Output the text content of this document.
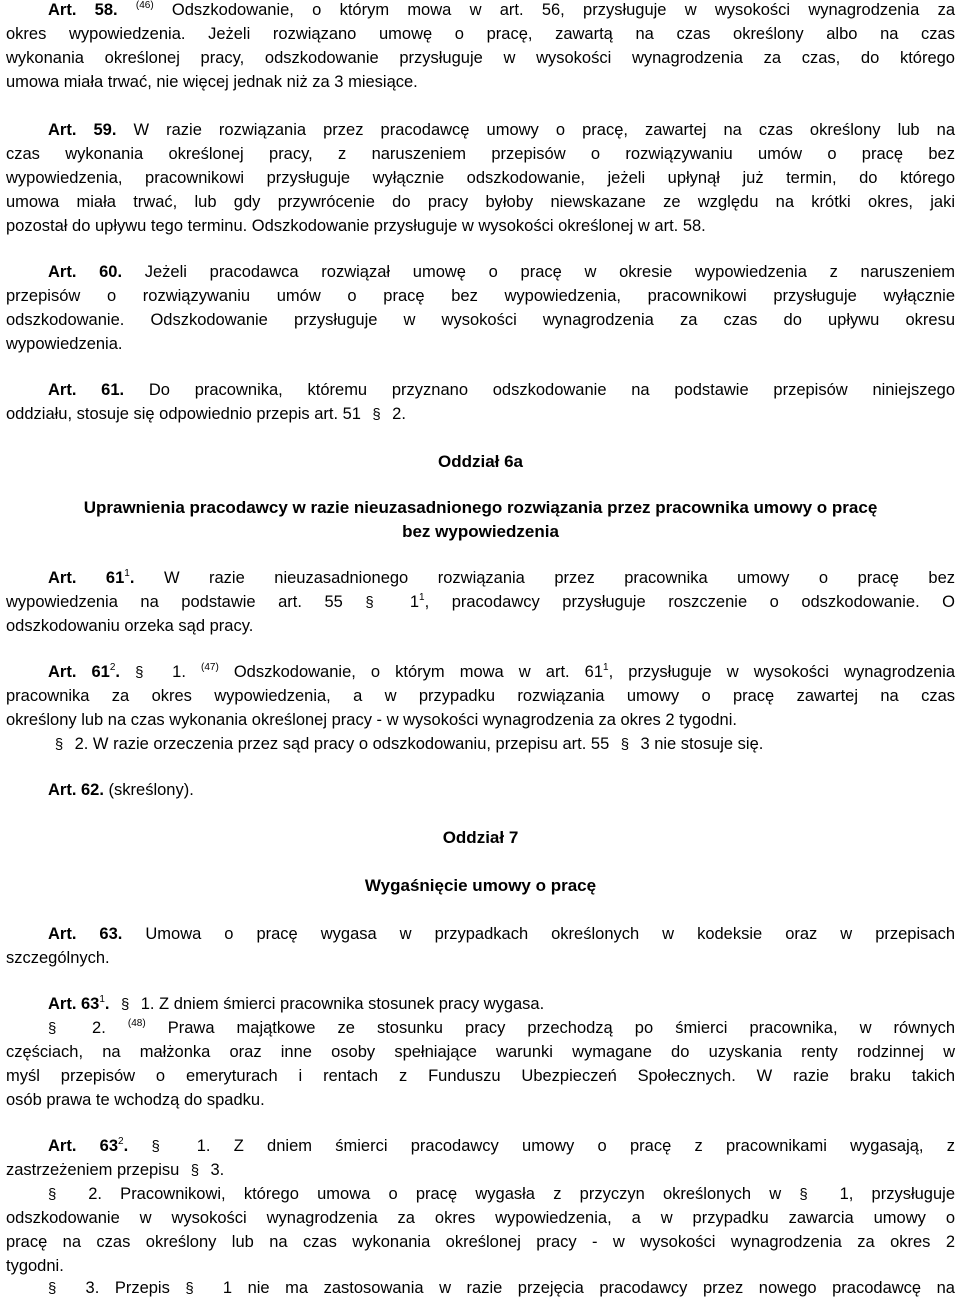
Art. 58. $^{(46)}$ Odszkodowanie, o którym mowa w art. 56, przysługuje w wysokości wynagrodzenia za
okres wypowiedzenia. Jeżeli rozwiązano umowę o pracę, zawartą na czas określony albo na czas
wykonania określonej pracy, odszkodowanie przysługuje w wysokości wynagrodzenia za czas, do którego
umowa miała trwać, nie więcej jednak niż za 3 miesiące.
Art. 59. W razie rozwiązania przez pracodawcę umowy o pracę, zawartej na czas określony lub na
czas wykonania określonej pracy, z naruszeniem przepisów o rozwiązywaniu umów o pracę bez
wypowiedzenia, pracownikowi przysługuje wyłącznie odszkodowanie, jeżeli upłynął już termin, do którego
umowa miała trwać, lub gdy przywrócenie do pracy byłoby niewskazane ze względu na krótki okres, jaki
pozostał do upływu tego terminu. Odszkodowanie przysługuje w wysokości określonej w art. 58.
Art. 60. Jeżeli pracodawca rozwiązał umowę o pracę w okresie wypowiedzenia z naruszeniem
przepisów o rozwiązywaniu umów o pracę bez wypowiedzenia, pracownikowi przysługuje wyłącznie
odszkodowanie. Odszkodowanie przysługuje w wysokości wynagrodzenia za czas do upływu okresu
wypowiedzenia.
Art. 61. Do pracownika, któremu przyznano odszkodowanie na podstawie przepisów niniejszego
oddziału, stosuje się odpowiednio przepis art. 51 § 2.
Oddział 6a
Uprawnienia pracodawcy w razie nieuzasadnionego rozwiązania przez pracownika umowy o pracę
bez wypowiedzenia
Art. $61^1$. W razie nieuzasadnionego rozwiązania przez pracownika umowy o pracę bez
wypowiedzenia na podstawie art. 55 § $1^1$, pracodawcy przysługuje roszczenie o odszkodowanie. O
odszkodowaniu orzeka sąd pracy.
Art. $61^2$. § 1. $^{(47)}$ Odszkodowanie, o którym mowa w art. $61^1$, przysługuje w wysokości wynagrodzenia
pracownika za okres wypowiedzenia, a w przypadku rozwiązania umowy o pracę zawartej na czas
określony lub na czas wykonania określonej pracy - w wysokości wynagrodzenia za okres 2 tygodni.
§ 2. W razie orzeczenia przez sąd pracy o odszkodowaniu, przepisu art. 55 § 3 nie stosuje się.
Art. 62. (skreślony).
Oddział 7
Wygaśnięcie umowy o pracę
Art. 63. Umowa o pracę wygasa w przypadkach określonych w kodeksie oraz w przepisach
szczególnych.
Art. $63^1$. § 1. Z dniem śmierci pracownika stosunek pracy wygasa.
§ 2. $^{(48)}$ Prawa majątkowe ze stosunku pracy przechodzą po śmierci pracownika, w równych
częściach, na małżonka oraz inne osoby spełniające warunki wymagane do uzyskania renty rodzinnej w
myśl przepisów o emeryturach i rentach z Funduszu Ubezpieczeń Społecznych. W razie braku takich
osób prawa te wchodzą do spadku.
Art. $63^2$. § 1. Z dniem śmierci pracodawcy umowy o pracę z pracownikami wygasają, z
zastrzeżeniem przepisu § 3.
§ 2. Pracownikowi, którego umowa o pracę wygasła z przyczyn określonych w § 1, przysługuje
odszkodowanie w wysokości wynagrodzenia za okres wypowiedzenia, a w przypadku zawarcia umowy o
pracę na czas określony lub na czas wykonania określonej pracy - w wysokości wynagrodzenia za okres 2
tygodni.
§ 3. Przepis § 1 nie ma zastosowania w razie przejęcia pracodawcy przez nowego pracodawcę na
